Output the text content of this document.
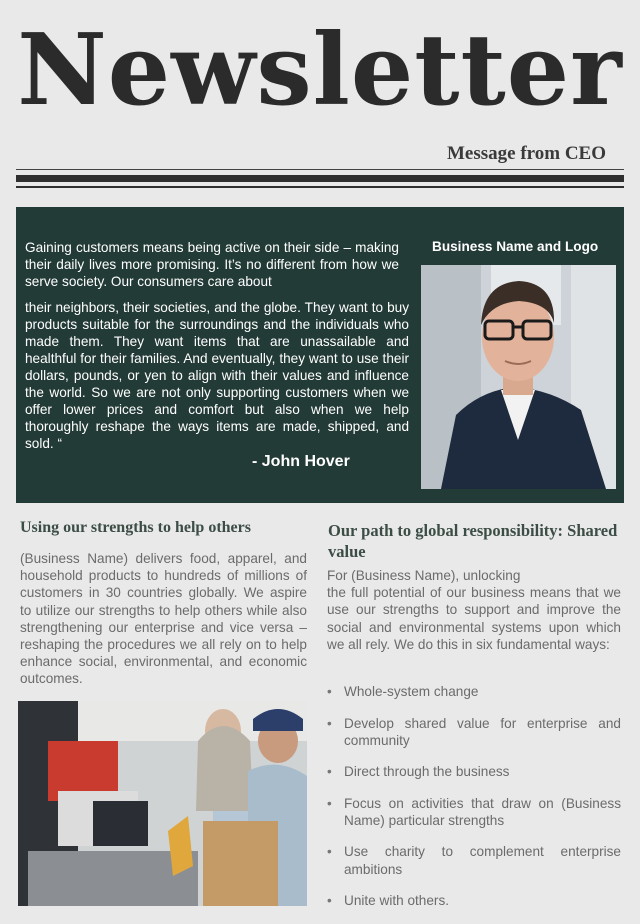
Newsletter
Message from CEO
Gaining customers means being active on their side – making their daily lives more promising. It’s no different from how we serve society. Our consumers care about
their neighbors, their societies, and the globe. They want to buy products suitable for the surroundings and the individuals who made them. They want items that are unassailable and healthful for their families. And eventually, they want to use their dollars, pounds, or yen to align with their values and influence the world. So we are not only supporting customers when we offer lower prices and comfort but also when we help thoroughly reshape the ways items are made, shipped, and sold. “
- John Hover
Business Name and Logo
Using our strengths to help others
(Business Name) delivers food, apparel, and household products to hundreds of millions of customers in 30 countries globally. We aspire to utilize our strengths to help others while also strengthening our enterprise and vice versa – reshaping the procedures we all rely on to help enhance social, environmental, and economic outcomes.
Our path to global responsibility: Shared value
For (Business Name), unlocking
the full potential of our business means that we use our strengths to support and improve the social and environmental systems upon which we all rely. We do this in six fundamental ways:
• Whole-system change
• Develop shared value for enterprise and community
• Direct through the business
• Focus on activities that draw on (Business Name) particular strengths
• Use charity to complement enterprise ambitions
• Unite with others.
